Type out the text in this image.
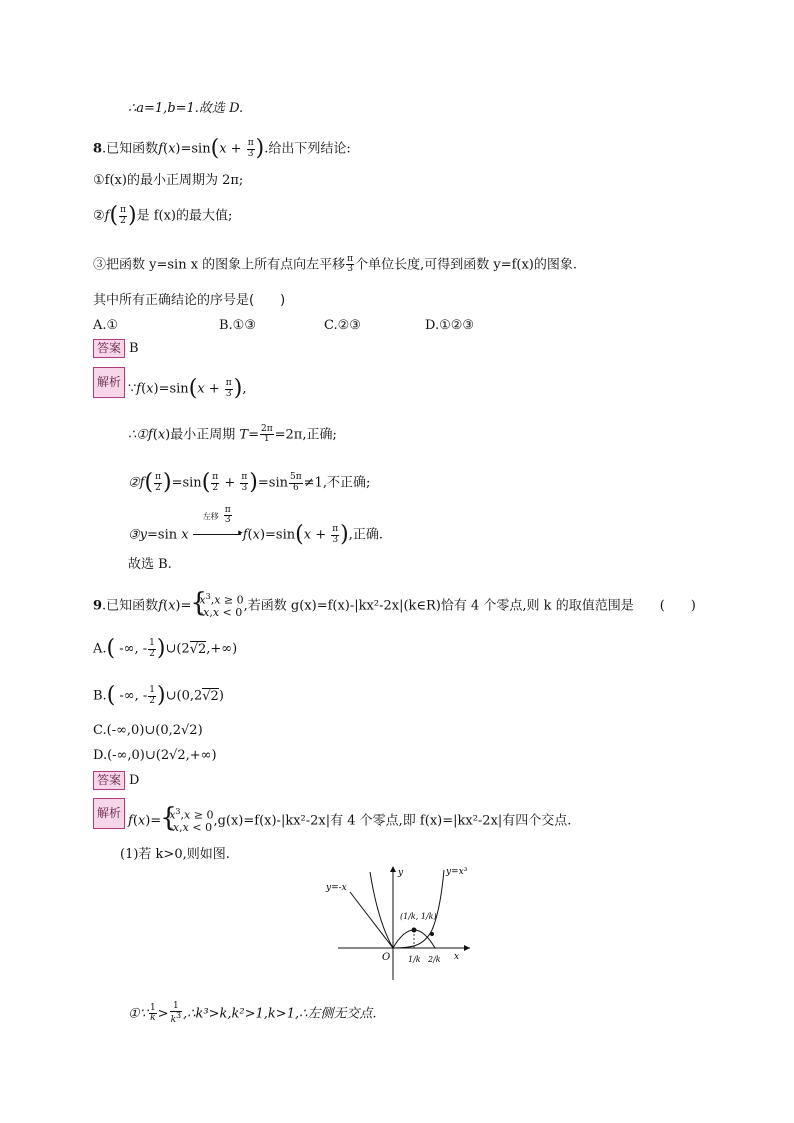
∴a=1,b=1.故选 D.
8.已知函数$f(x)=\sin(x + \frac{\pi}{3}$ ).给出下列结论:
①f(x)的最小正周期为 2π;
②f( $\frac{\pi}{2}$ )是 f(x)的最大值;
③把函数 y=sin x 的图象上所有点向左平移 $\frac{\pi}{3}$ 个单位长度,可得到函数 y=f(x)的图象.
其中所有正确结论的序号是(　　)
A.①	B.①③	C.②③	D.①②③
答案 B
解析 ∵f(x)=sin(x + $\frac{\pi}{3}$ ),
∴①f(x)最小正周期 $T= \frac{2\pi}{1} =2\pi$,正确;
②f( $\frac{\pi}{2} )=\sin( \frac{\pi}{2} + \frac{\pi}{3} )=\sin \frac{5\pi}{6} \ne 1$,不正确;
③y=sin x
左移 $\frac{\pi}{3}$
▸ $f(x)=\sin(x + \frac{\pi}{3}$ ),正确.
故选 B.
9.已知函数f(x)= { $x^3,x \ge 0$
-x,x < 0 ,若函数 g(x)=f(x)-|kx²-2x|(k∈R)恰有 4 个零点,则 k 的取值范围是　　(　　)
A.( -∞, - $\frac{1}{2}$ )∪(2√2,+∞)
B.( -∞, - $\frac{1}{2}$ )∪(0,2√2)
C.(-∞,0)∪(0,2√2)
D.(-∞,0)∪(2√2,+∞)
答案 D
解析
f(x)= { $x^3,x \ge 0$
-x,x < 0 ,g(x)=f(x)-|kx²-2x|有 4 个零点,即 f(x)=|kx²-2x|有四个交点.
(1)若 k>0,则如图.
y=-x
y=x³
y
x
O
(1/k, 1/k)
1/k 2/k
①∵ $\frac{1}{k} > \frac{1}{k^3}$ ,∴k³>k,k²>1,k>1,∴左侧无交点.
